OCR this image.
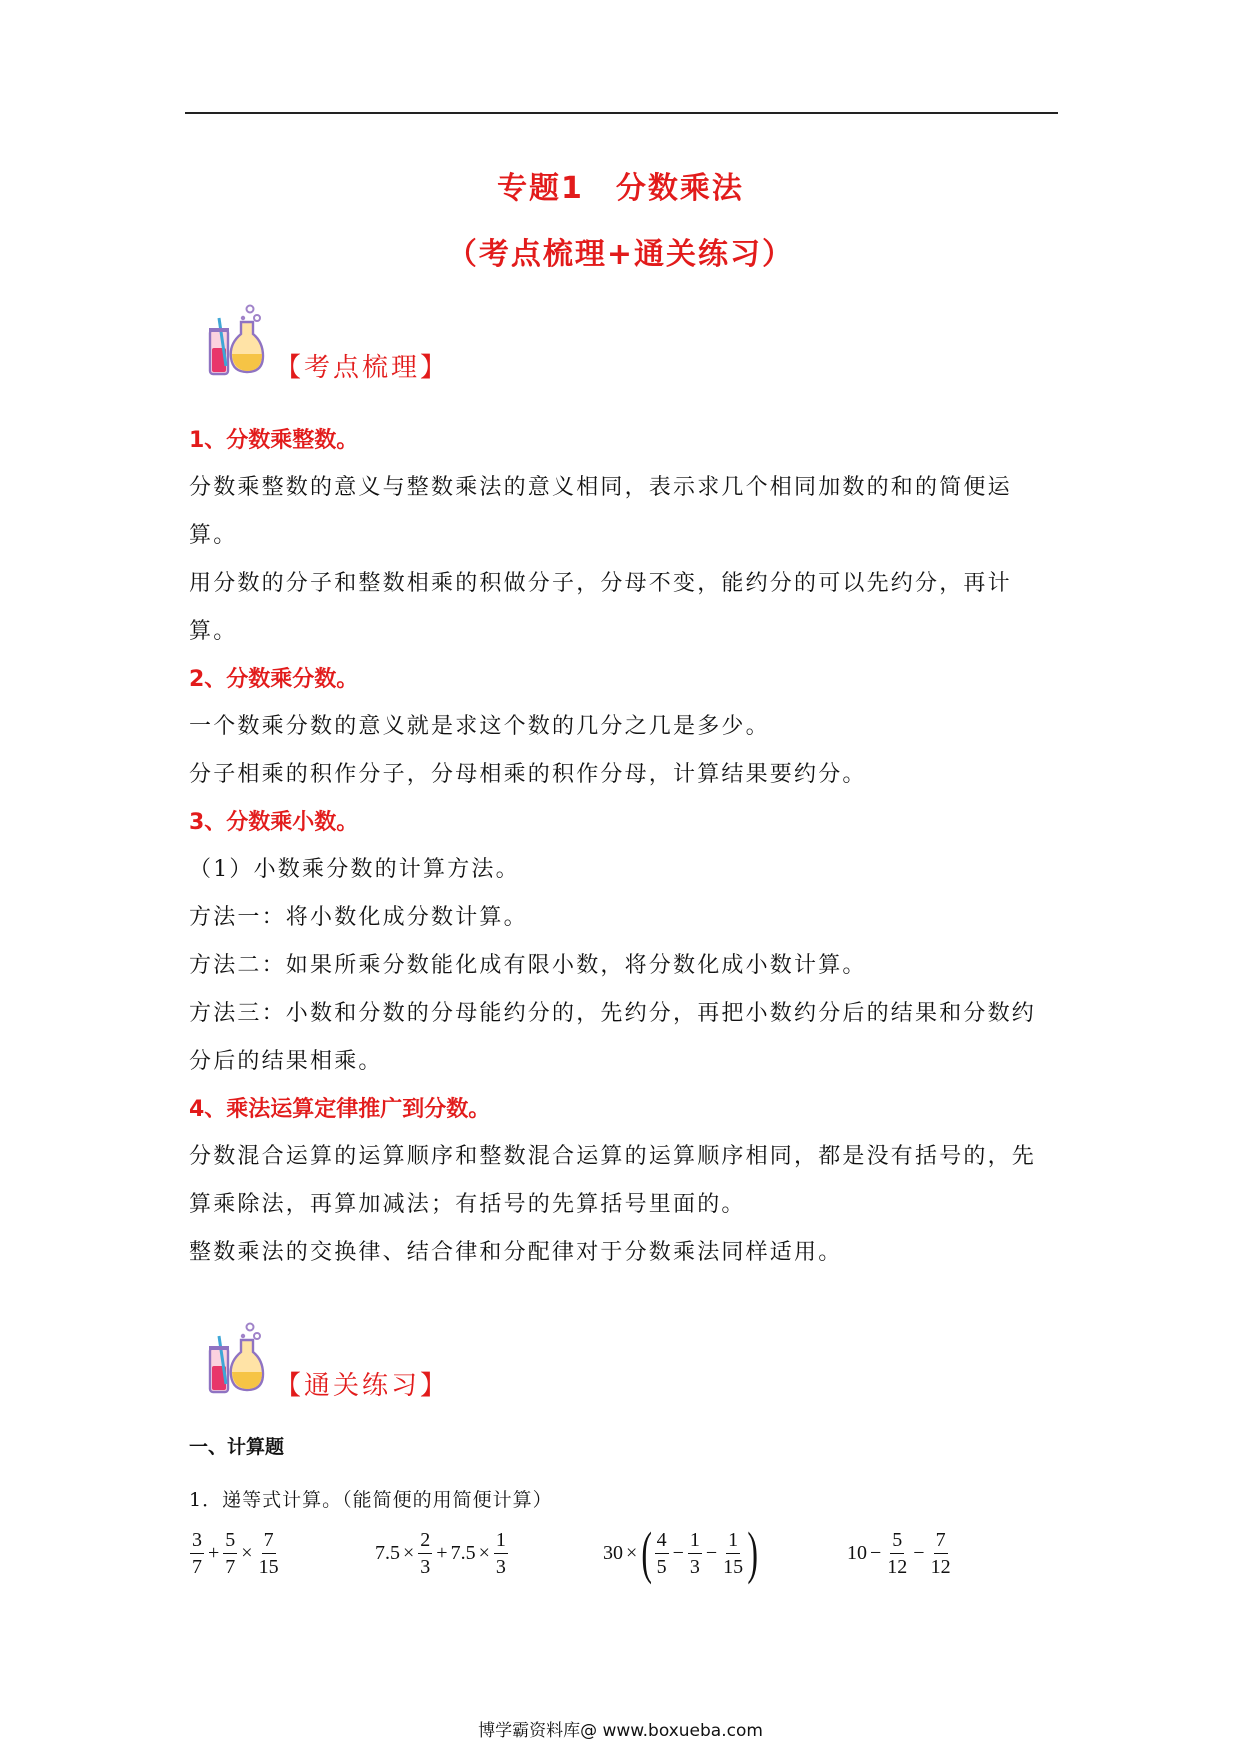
专题1　分数乘法
（考点梳理+通关练习）
【考点梳理】

1、分数乘整数。

分数乘整数的意义与整数乘法的意义相同，表示求几个相同加数的和的简便运算。

用分数的分子和整数相乘的积做分子，分母不变，能约分的可以先约分，再计算。

2、分数乘分数。

一个数乘分数的意义就是求这个数的几分之几是多少。

分子相乘的积作分子，分母相乘的积作分母，计算结果要约分。

3、分数乘小数。

（1）小数乘分数的计算方法。

方法一：将小数化成分数计算。

方法二：如果所乘分数能化成有限小数，将分数化成小数计算。

方法三：小数和分数的分母能约分的，先约分，再把小数约分后的结果和分数约分后的结果相乘。

4、乘法运算定律推广到分数。

分数混合运算的运算顺序和整数混合运算的运算顺序相同，都是没有括号的，先算乘除法，再算加减法；有括号的先算括号里面的。

整数乘法的交换律、结合律和分配律对于分数乘法同样适用。

【通关练习】
一、计算题
1．递等式计算。（能简便的用简便计算）
$\frac{3}{7} + \frac{5}{7} \times \frac{7}{15}$	$7.5 \times \frac{2}{3} + 7.5 \times \frac{1}{3}$	30 × ( $\frac{4}{5} - \frac{1}{3} - \frac{1}{15}$ )	$10 - \frac{5}{12} - \frac{7}{12}$
博学霸资料库@ www.boxueba.com
